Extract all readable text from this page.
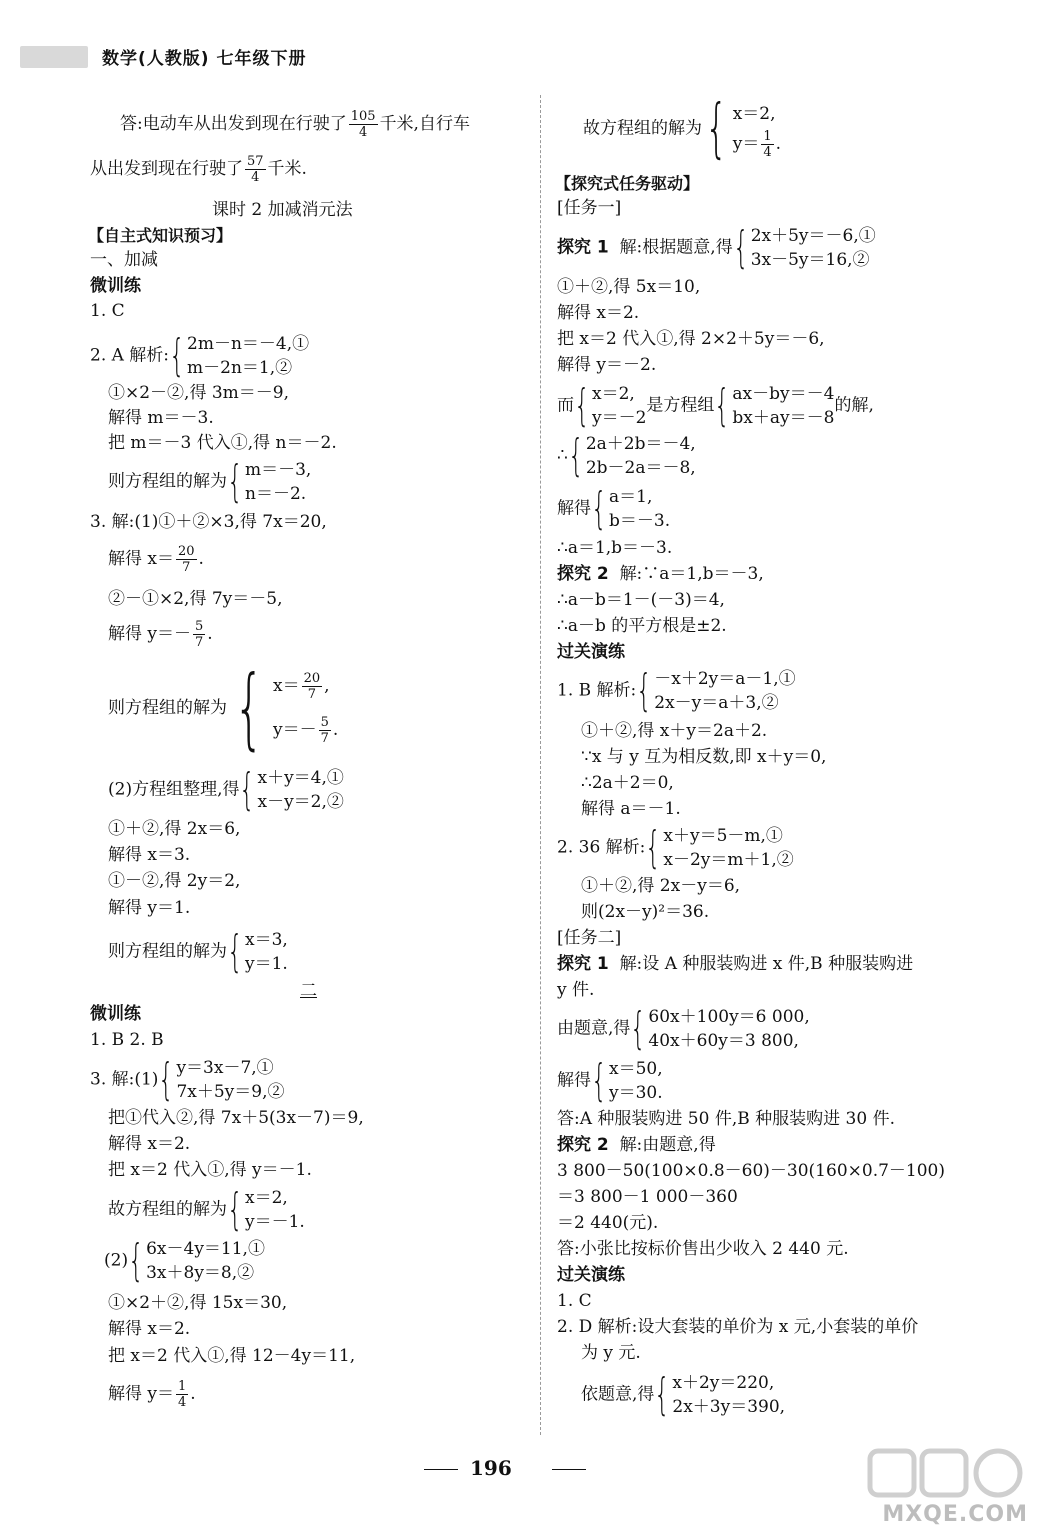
数学(人教版) 七年级下册
答:电动车从出发到现在行驶了 $\frac{105}{4}$ 千米,自行车
从出发到现在行驶了 $\frac{57}{4}$ 千米.
课时 2 加减消元法
【自主式知识预习】
一、加减
微训练
1. C
2. A 解析: { 2m－n＝－4,①
m－2n＝1,②
①×2－②,得 3m＝－9,
解得 m＝－3.
把 m＝－3 代入①,得 n＝－2.
则方程组的解为 { m＝－3,
n＝－2.
3. 解:(1)①＋②×3,得 7x＝20,
解得 $x= \frac{20}{7}$ .
②－①×2,得 7y＝－5,
解得 $y=- \frac{5}{7}$ .
则方程组的解为 { $x= \frac{20}{7}$ ,
$y=- \frac{5}{7}$ .
(2)方程组整理,得 { x＋y＝4,①
x－y＝2,②
①＋②,得 2x＝6,
解得 x＝3.
①－②,得 2y＝2,
解得 y＝1.
则方程组的解为 { x＝3,
y＝1.
二
微训练
1. B 2. B
3. 解:(1) { y＝3x－7,①
7x＋5y＝9,②
把①代入②,得 7x＋5(3x－7)＝9,
解得 x＝2.
把 x＝2 代入①,得 y＝－1.
故方程组的解为 { x＝2,
y＝－1.
(2) { 6x－4y＝11,①
3x＋8y＝8,②
①×2＋②,得 15x＝30,
解得 x＝2.
把 x＝2 代入①,得 12－4y＝11,
解得 $y= \frac{1}{4}$ .
故方程组的解为 { x＝2,
$y= \frac{1}{4}$ .
【探究式任务驱动】
[任务一]
探究 1 解:根据题意,得 { 2x＋5y＝－6,①
3x－5y＝16,②
①＋②,得 5x＝10,
解得 x＝2.
把 x＝2 代入①,得 2×2＋5y＝－6,
解得 y＝－2.
而 { x＝2,
y＝－2
是方程组 { ax－by＝－4
bx＋ay＝－8
的解,
∴ { 2a＋2b＝－4,
2b－2a＝－8,
解得 { a＝1,
b＝－3.
∴a＝1,b＝－3.
探究 2 解:∵a＝1,b＝－3,
∴a－b＝1－(－3)＝4,
∴a－b 的平方根是±2.
过关演练
1. B 解析: { －x＋2y＝a－1,①
2x－y＝a＋3,②
①＋②,得 x＋y＝2a＋2.
∵x 与 y 互为相反数,即 x＋y＝0,
∴2a＋2＝0,
解得 a＝－1.
2. 36 解析: { x＋y＝5－m,①
x－2y＝m＋1,②
①＋②,得 2x－y＝6,
则(2x－y)²＝36.
[任务二]
探究 1 解:设 A 种服装购进 x 件,B 种服装购进
y 件.
由题意,得 { 60x＋100y＝6 000,
40x＋60y＝3 800,
解得 { x＝50,
y＝30.
答:A 种服装购进 50 件,B 种服装购进 30 件.
探究 2 解:由题意,得
3 800－50(100×0.8－60)－30(160×0.7－100)
＝3 800－1 000－360
＝2 440(元).
答:小张比按标价售出少收入 2 440 元.
过关演练
1. C
2. D 解析:设大套装的单价为 x 元,小套装的单价
为 y 元.
依题意,得 { x＋2y＝220,
2x＋3y＝390,
196
MXQE.COM
